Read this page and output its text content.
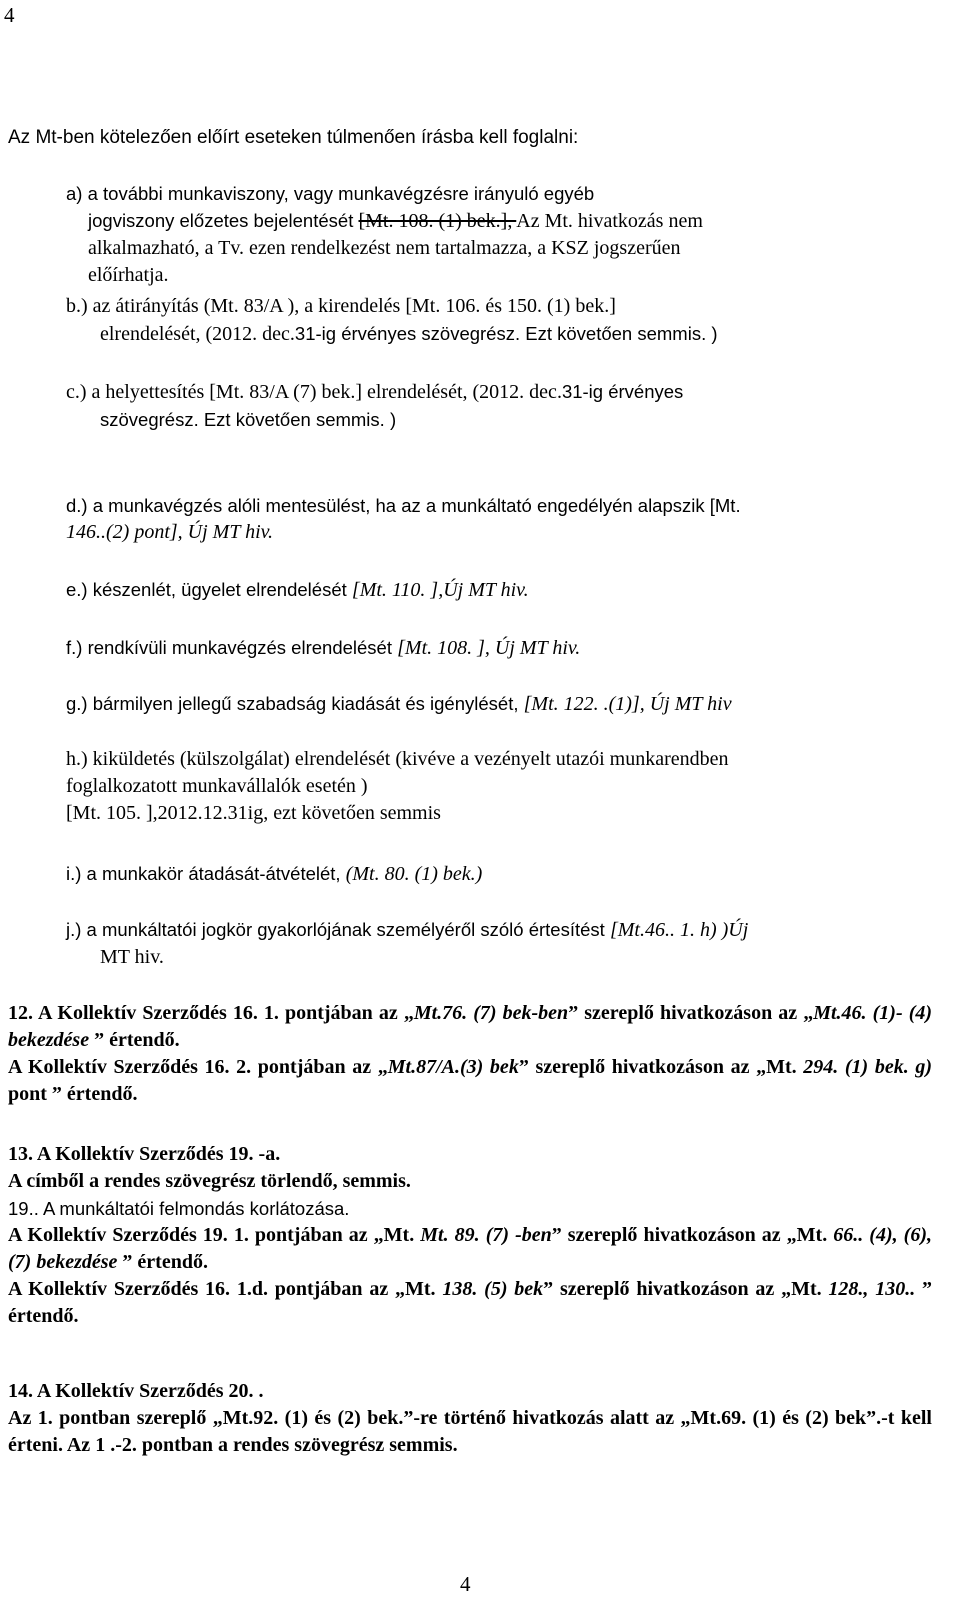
4
Az Mt-ben kötelezően előírt eseteken túlmenően írásba kell foglalni:

a) a további munkaviszony, vagy munkavégzésre irányuló egyéb

jogviszony előzetes bejelentését [Mt. 108. (1) bek.], Az Mt. hivatkozás nem

alkalmazható, a Tv. ezen rendelkezést nem tartalmazza, a KSZ jogszerűen

előírhatja.

b.) az átirányítás (Mt. 83/A ), a kirendelés [Mt. 106. és 150. (1) bek.]

elrendelését, (2012. dec.31-ig érvényes szövegrész. Ezt követően semmis. )

c.) a helyettesítés [Mt. 83/A (7) bek.] elrendelését, (2012. dec.31-ig érvényes

szövegrész. Ezt követően semmis. )

d.) a munkavégzés alóli mentesülést, ha az a munkáltató engedélyén alapszik [Mt.

146..(2) pont], Új MT hiv.

e.) készenlét, ügyelet elrendelését [Mt. 110. ],Új MT hiv.

f.) rendkívüli munkavégzés elrendelését [Mt. 108. ], Új MT hiv.

g.) bármilyen jellegű szabadság kiadását és igénylését, [Mt. 122. .(1)], Új MT hiv

h.) kiküldetés (külszolgálat) elrendelését (kivéve a vezényelt utazói munkarendben

foglalkozatott munkavállalók esetén )

[Mt. 105. ],2012.12.31ig, ezt követően semmis

i.) a munkakör átadását-átvételét, (Mt. 80. (1) bek.)

j.) a munkáltatói jogkör gyakorlójának személyéről szóló értesítést [Mt.46.. 1. h) )Új

MT hiv.

12. A Kollektív Szerződés 16. 1. pontjában az „Mt.76. (7) bek-ben” szereplő hivatkozáson az „Mt.46. (1)- (4) bekezdése ” értendő.

A Kollektív Szerződés 16. 2. pontjában az „Mt.87/A.(3) bek” szereplő hivatkozáson az „Mt. 294. (1) bek. g) pont ” értendő.

13. A Kollektív Szerződés 19. -a.

A címből a rendes szövegrész törlendő, semmis.

19.. A munkáltatói felmondás korlátozása.

A Kollektív Szerződés 19. 1. pontjában az „Mt. Mt. 89. (7) -ben” szereplő hivatkozáson az „Mt. 66.. (4), (6), (7) bekezdése ” értendő.

A Kollektív Szerződés 16. 1.d. pontjában az „Mt. 138. (5) bek” szereplő hivatkozáson az „Mt. 128., 130.. ” értendő.

14. A Kollektív Szerződés 20. .

Az 1. pontban szereplő „Mt.92. (1) és (2) bek.”-re történő hivatkozás alatt az „Mt.69. (1) és (2) bek”.-t kell érteni. Az 1 .-2. pontban a rendes szövegrész semmis.

4
